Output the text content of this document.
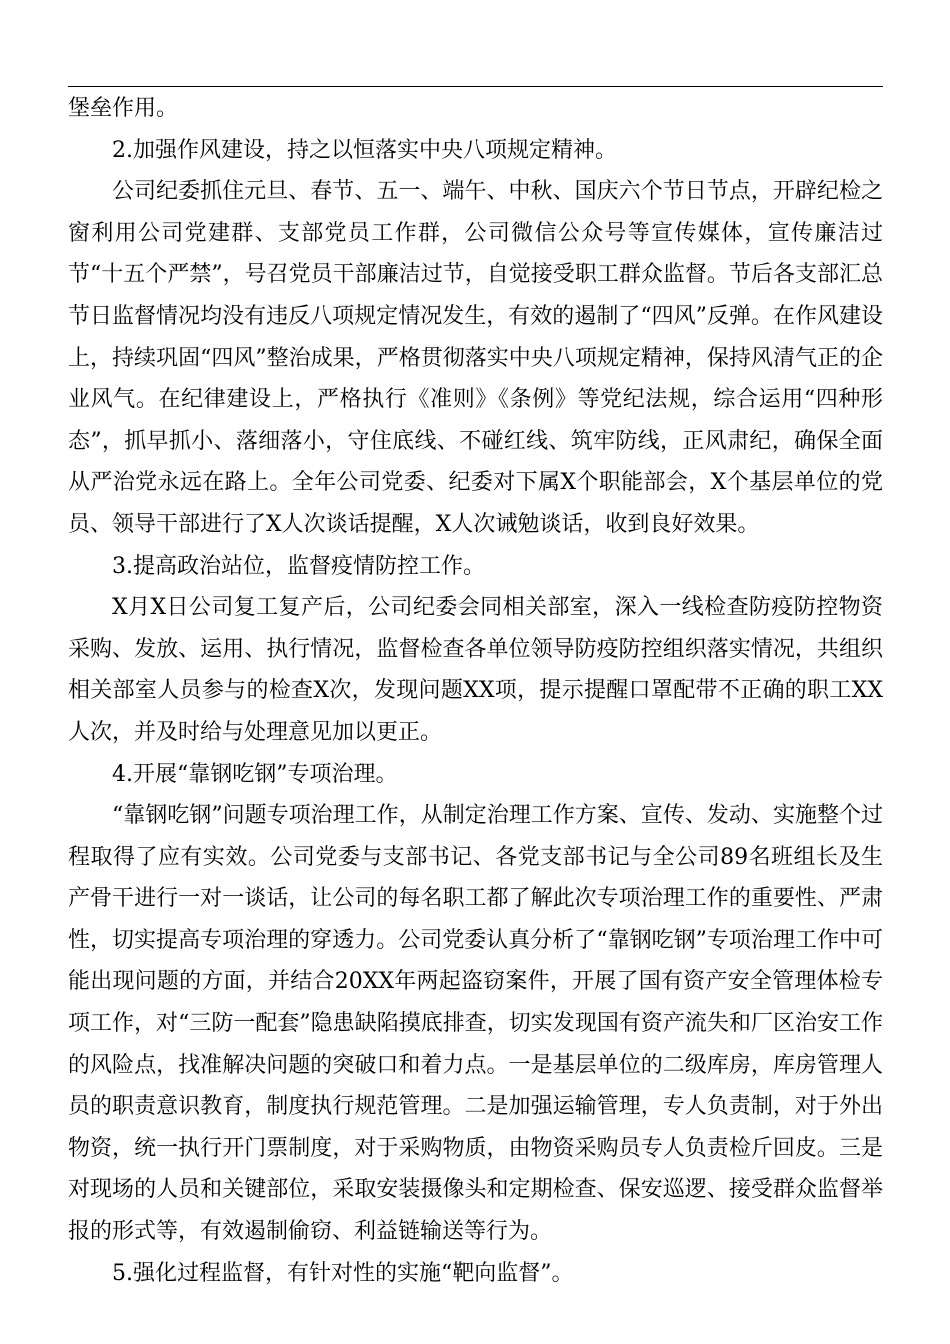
堡垒作用。

2.加强作风建设，持之以恒落实中央八项规定精神。

公司纪委抓住元旦、春节、五一、端午、中秋、国庆六个节日节点，开辟纪检之窗利用公司党建群、支部党员工作群，公司微信公众号等宣传媒体，宣传廉洁过节“十五个严禁”，号召党员干部廉洁过节，自觉接受职工群众监督。节后各支部汇总节日监督情况均没有违反八项规定情况发生，有效的遏制了“四风”反弹。在作风建设上，持续巩固“四风”整治成果，严格贯彻落实中央八项规定精神，保持风清气正的企业风气。在纪律建设上，严格执行《准则》《条例》等党纪法规，综合运用“四种形态”，抓早抓小、落细落小，守住底线、不碰红线、筑牢防线，正风肃纪，确保全面从严治党永远在路上。全年公司党委、纪委对下属X个职能部会，X个基层单位的党员、领导干部进行了X人次谈话提醒，X人次诫勉谈话，收到良好效果。

3.提高政治站位，监督疫情防控工作。

X月X日公司复工复产后，公司纪委会同相关部室，深入一线检查防疫防控物资采购、发放、运用、执行情况，监督检查各单位领导防疫防控组织落实情况，共组织相关部室人员参与的检查X次，发现问题XX项，提示提醒口罩配带不正确的职工XX人次，并及时给与处理意见加以更正。

4.开展“靠钢吃钢”专项治理。

“靠钢吃钢”问题专项治理工作，从制定治理工作方案、宣传、发动、实施整个过程取得了应有实效。公司党委与支部书记、各党支部书记与全公司89名班组长及生产骨干进行一对一谈话，让公司的每名职工都了解此次专项治理工作的重要性、严肃性，切实提高专项治理的穿透力。公司党委认真分析了“靠钢吃钢”专项治理工作中可能出现问题的方面，并结合20XX年两起盗窃案件，开展了国有资产安全管理体检专项工作，对“三防一配套”隐患缺陷摸底排查，切实发现国有资产流失和厂区治安工作的风险点，找准解决问题的突破口和着力点。一是基层单位的二级库房，库房管理人员的职责意识教育，制度执行规范管理。二是加强运输管理，专人负责制，对于外出物资，统一执行开门票制度，对于采购物质，由物资采购员专人负责检斤回皮。三是对现场的人员和关键部位，采取安装摄像头和定期检查、保安巡逻、接受群众监督举报的形式等，有效遏制偷窃、利益链输送等行为。

5.强化过程监督，有针对性的实施“靶向监督”。
